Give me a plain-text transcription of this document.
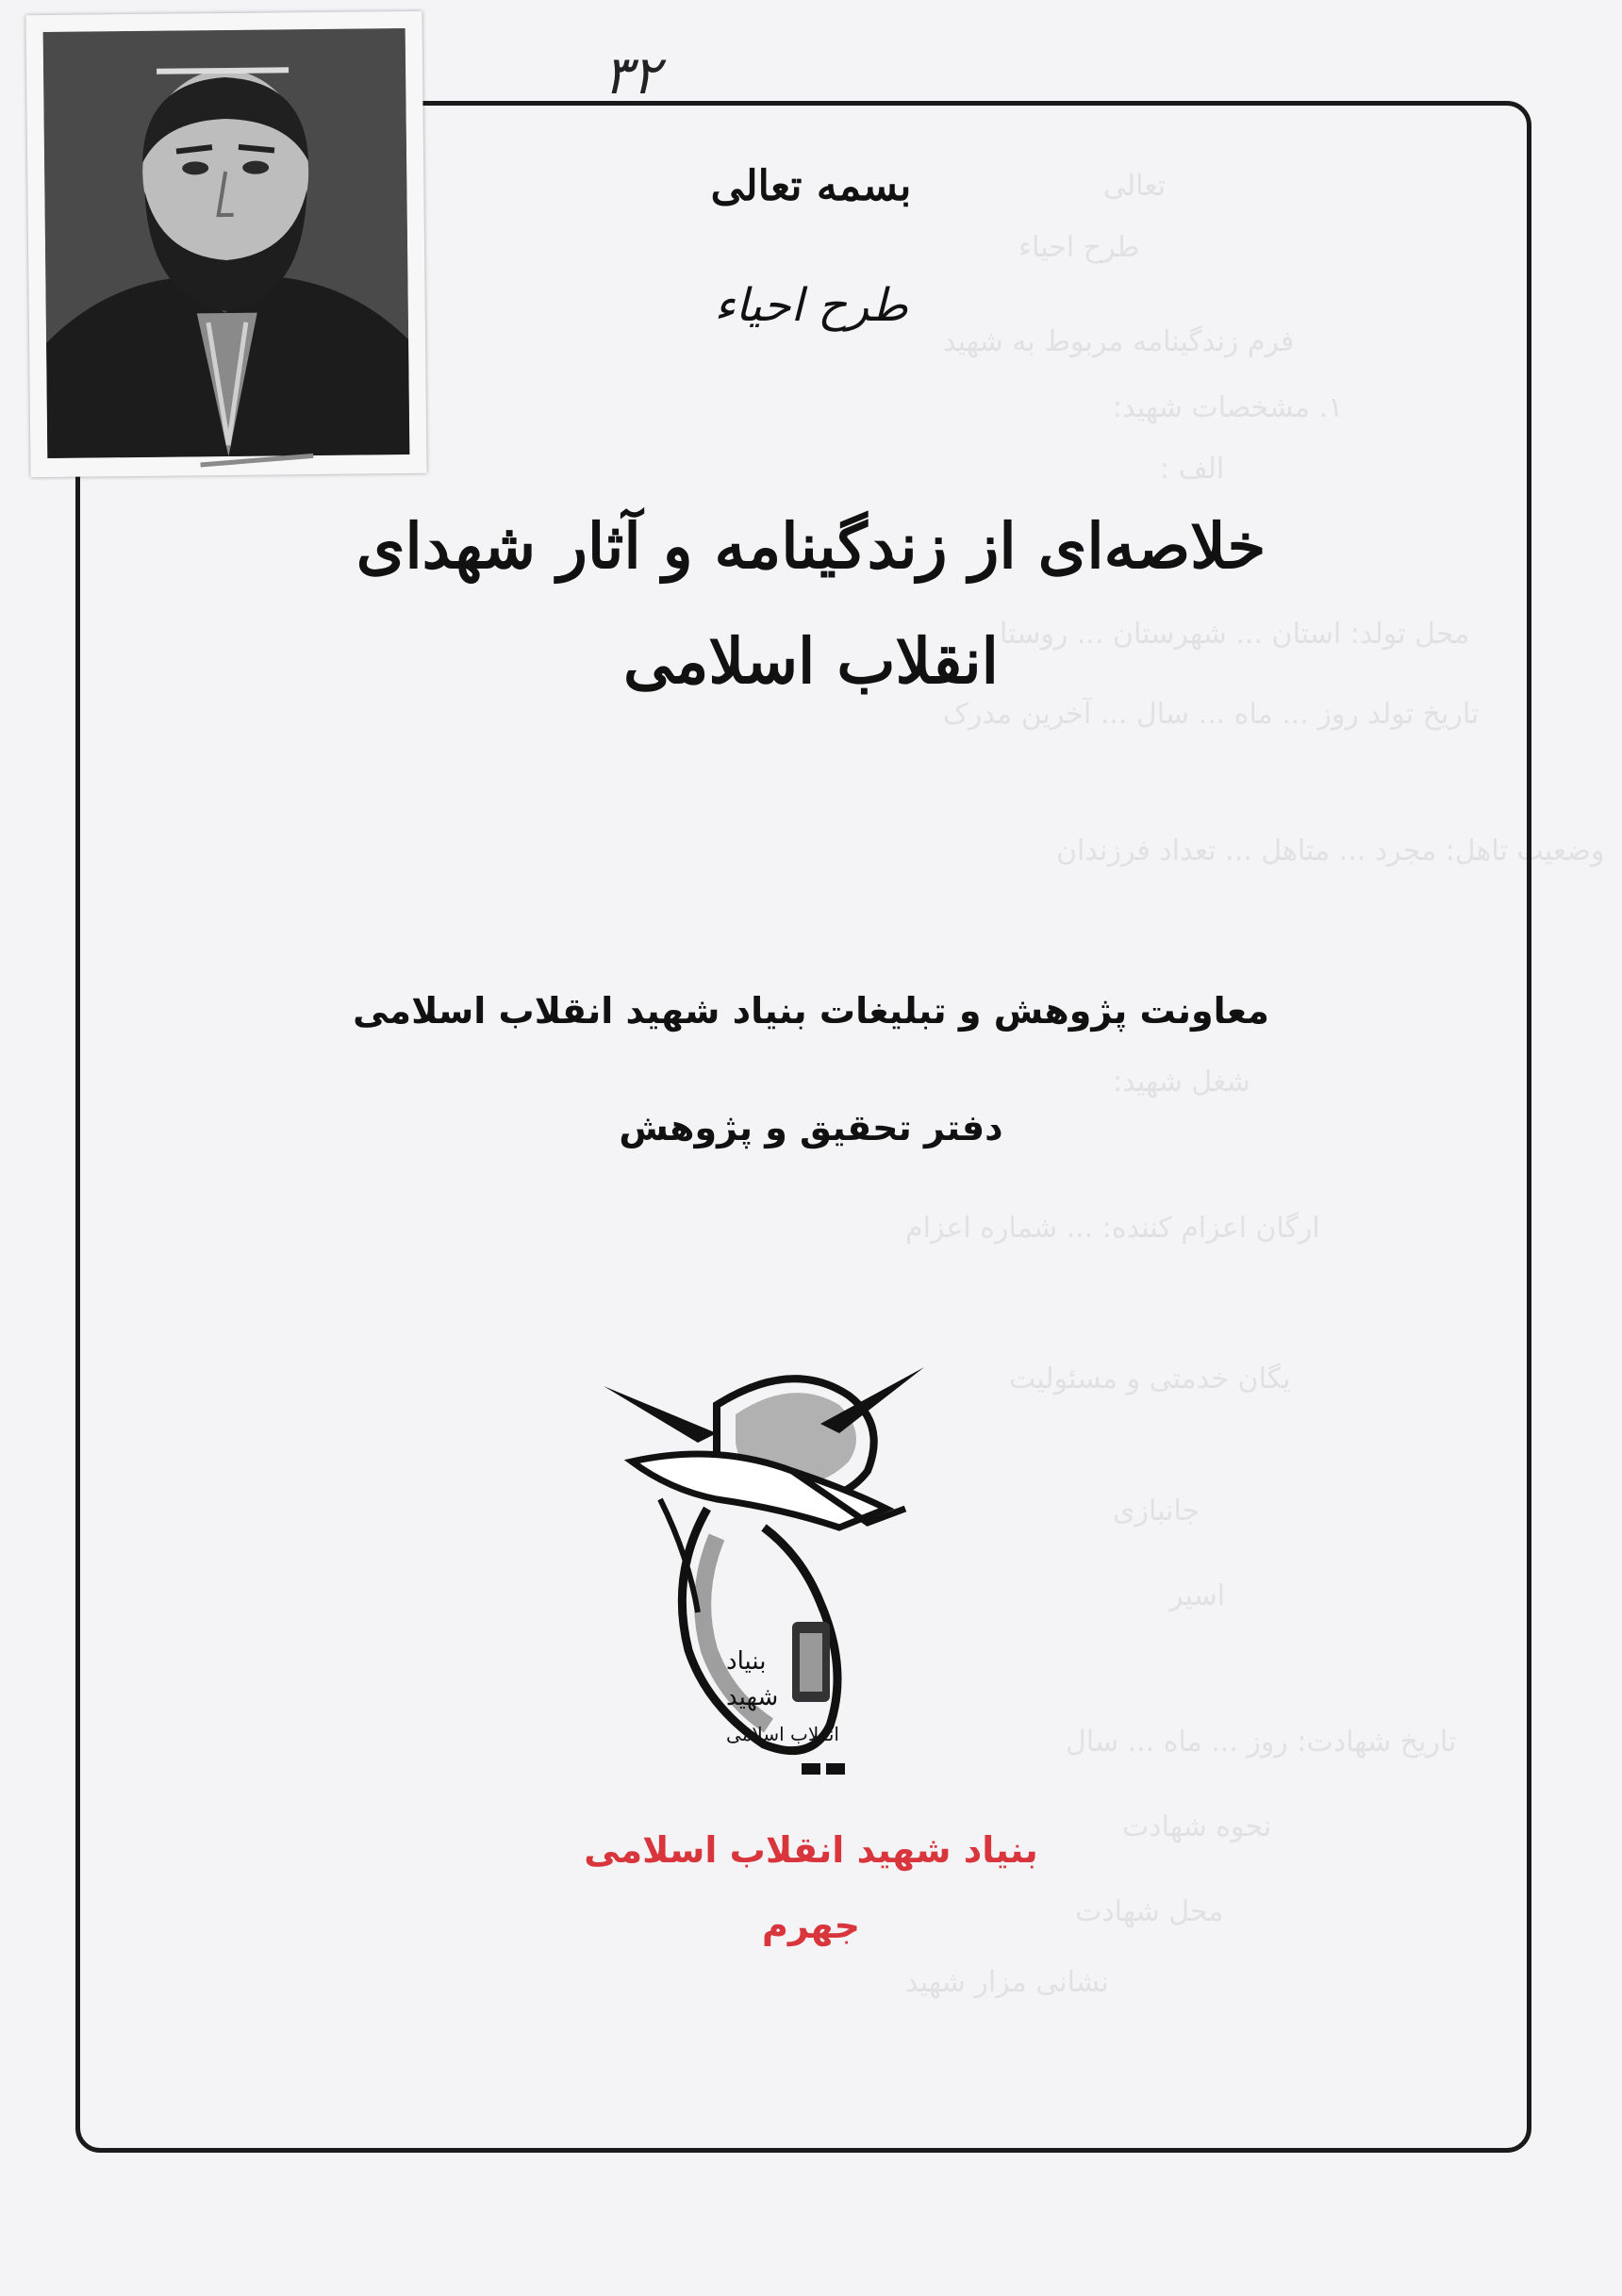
تعالی
طرح احیاء
فرم زندگینامه مربوط به شهید
١. مشخصات شهید:
الف :
محل تولد: استان ... شهرستان ... روستا
تاریخ تولد روز ... ماه ... سال ... آخرین مدرک
وضعیت تاهل: مجرد ... متاهل ... تعداد فرزندان
شغل شهید:
ارگان اعزام کننده: ... شماره اعزام
یگان خدمتی و مسئولیت
جانبازی
اسیر
تاریخ شهادت: روز ... ماه ... سال
نحوه شهادت
محل شهادت
نشانی مزار شهید
۳۲
بسمه تعالی
طرح احیاء
خلاصه‌ای از زندگینامه و آثار شهدای
انقلاب اسلامی
معاونت پژوهش و تبلیغات بنیاد شهید انقلاب اسلامی
دفتر تحقیق و پژوهش
بنیاد
شهید
انقلاب اسلامی
بنیاد شهید انقلاب اسلامی
جهرم
